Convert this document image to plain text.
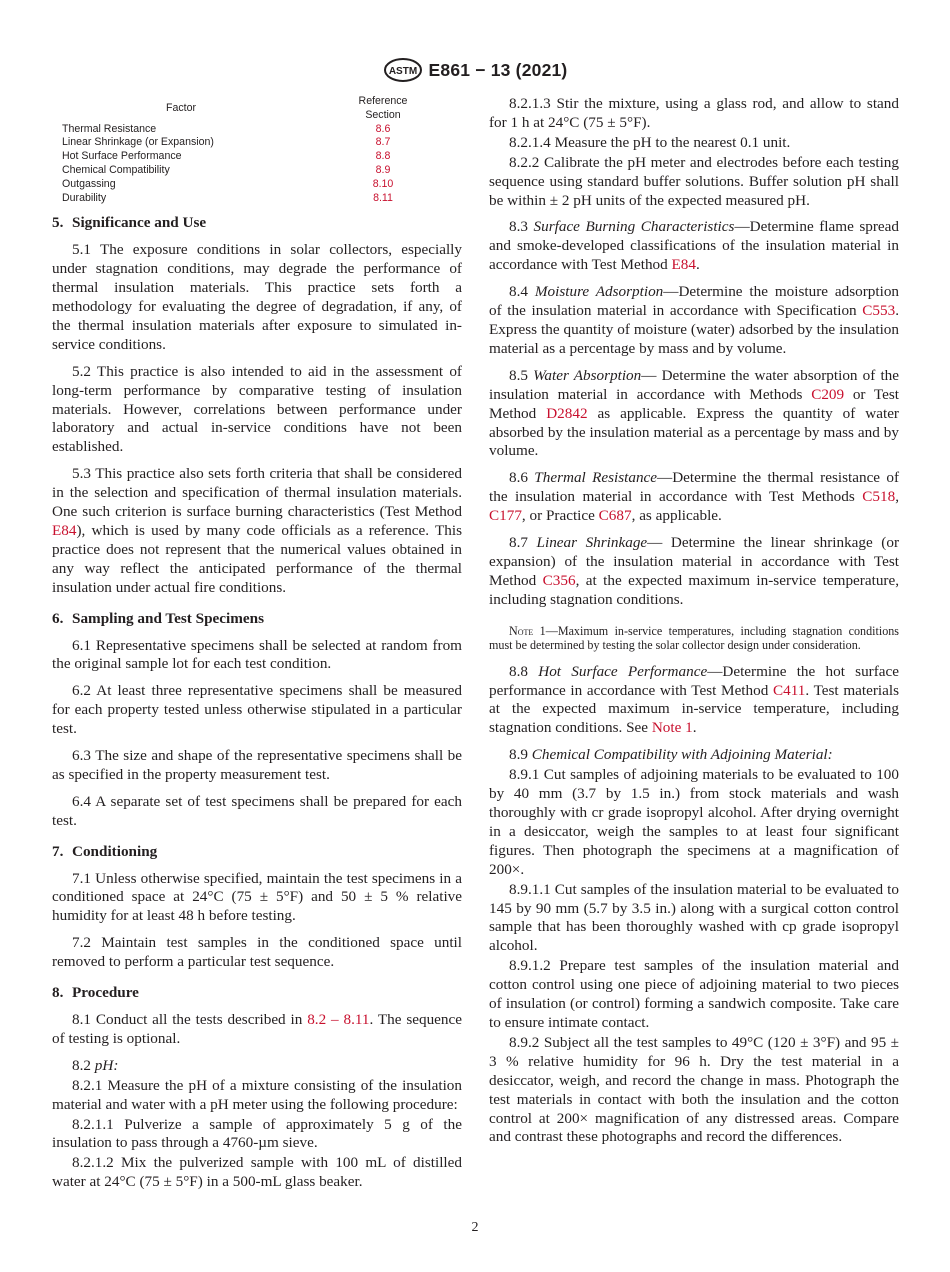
ASTM E861 − 13 (2021)
Factor	Reference
Section
Thermal Resistance	8.6
Linear Shrinkage (or Expansion)	8.7
Hot Surface Performance	8.8
Chemical Compatibility	8.9
Outgassing	8.10
Durability	8.11
5. Significance and Use

5.1 The exposure conditions in solar collectors, especially under stagnation conditions, may degrade the performance of thermal insulation materials. This practice sets forth a methodology for evaluating the degree of degradation, if any, of the thermal insulation materials after exposure to simulated in-service conditions.

5.2 This practice is also intended to aid in the assessment of long-term performance by comparative testing of insulation materials. However, correlations between performance under laboratory and actual in-service conditions have not been established.

5.3 This practice also sets forth criteria that shall be considered in the selection and specification of thermal insulation materials. One such criterion is surface burning characteristics (Test Method E84), which is used by many code officials as a reference. This practice does not represent that the numerical values obtained in any way reflect the anticipated performance of the thermal insulation under actual fire conditions.

6. Sampling and Test Specimens

6.1 Representative specimens shall be selected at random from the original sample lot for each test condition.

6.2 At least three representative specimens shall be measured for each property tested unless otherwise stipulated in a particular test.

6.3 The size and shape of the representative specimens shall be as specified in the property measurement test.

6.4 A separate set of test specimens shall be prepared for each test.

7. Conditioning

7.1 Unless otherwise specified, maintain the test specimens in a conditioned space at 24°C (75 ± 5°F) and 50 ± 5 % relative humidity for at least 48 h before testing.

7.2 Maintain test samples in the conditioned space until removed to perform a particular test sequence.

8. Procedure

8.1 Conduct all the tests described in 8.2 – 8.11. The sequence of testing is optional.

8.2 pH:

8.2.1 Measure the pH of a mixture consisting of the insulation material and water with a pH meter using the following procedure:

8.2.1.1 Pulverize a sample of approximately 5 g of the insulation to pass through a 4760-µm sieve.

8.2.1.2 Mix the pulverized sample with 100 mL of distilled water at 24°C (75 ± 5°F) in a 500-mL glass beaker.

8.2.1.3 Stir the mixture, using a glass rod, and allow to stand for 1 h at 24°C (75 ± 5°F).

8.2.1.4 Measure the pH to the nearest 0.1 unit.

8.2.2 Calibrate the pH meter and electrodes before each testing sequence using standard buffer solutions. Buffer solution pH shall be within ± 2 pH units of the expected measured pH.

8.3 Surface Burning Characteristics—Determine flame spread and smoke-developed classifications of the insulation material in accordance with Test Method E84.

8.4 Moisture Adsorption—Determine the moisture adsorption of the insulation material in accordance with Specification C553. Express the quantity of moisture (water) adsorbed by the insulation material as a percentage by mass and by volume.

8.5 Water Absorption— Determine the water absorption of the insulation material in accordance with Methods C209 or Test Method D2842 as applicable. Express the quantity of water absorbed by the insulation material as a percentage by mass and by volume.

8.6 Thermal Resistance—Determine the thermal resistance of the insulation material in accordance with Test Methods C518, C177, or Practice C687, as applicable.

8.7 Linear Shrinkage— Determine the linear shrinkage (or expansion) of the insulation material in accordance with Test Method C356, at the expected maximum in-service temperature, including stagnation conditions.

Note 1—Maximum in-service temperatures, including stagnation conditions must be determined by testing the solar collector design under consideration.

8.8 Hot Surface Performance—Determine the hot surface performance in accordance with Test Method C411. Test materials at the expected maximum in-service temperature, including stagnation conditions. See Note 1.

8.9 Chemical Compatibility with Adjoining Material:

8.9.1 Cut samples of adjoining materials to be evaluated to 100 by 40 mm (3.7 by 1.5 in.) from stock materials and wash thoroughly with cr grade isopropyl alcohol. After drying overnight in a desiccator, weigh the samples to at least four significant figures. Then photograph the specimens at a magnification of 200×.

8.9.1.1 Cut samples of the insulation material to be evaluated to 145 by 90 mm (5.7 by 3.5 in.) along with a surgical cotton control sample that has been thoroughly washed with cp grade isopropyl alcohol.

8.9.1.2 Prepare test samples of the insulation material and cotton control using one piece of adjoining material to two pieces of insulation (or control) forming a sandwich composite. Take care to ensure intimate contact.

8.9.2 Subject all the test samples to 49°C (120 ± 3°F) and 95 ± 3 % relative humidity for 96 h. Dry the test material in a desiccator, weigh, and record the change in mass. Photograph the test materials in contact with both the insulation and the cotton control at 200× magnification of any distressed areas. Compare and contrast these photographs and record the differences.

2
